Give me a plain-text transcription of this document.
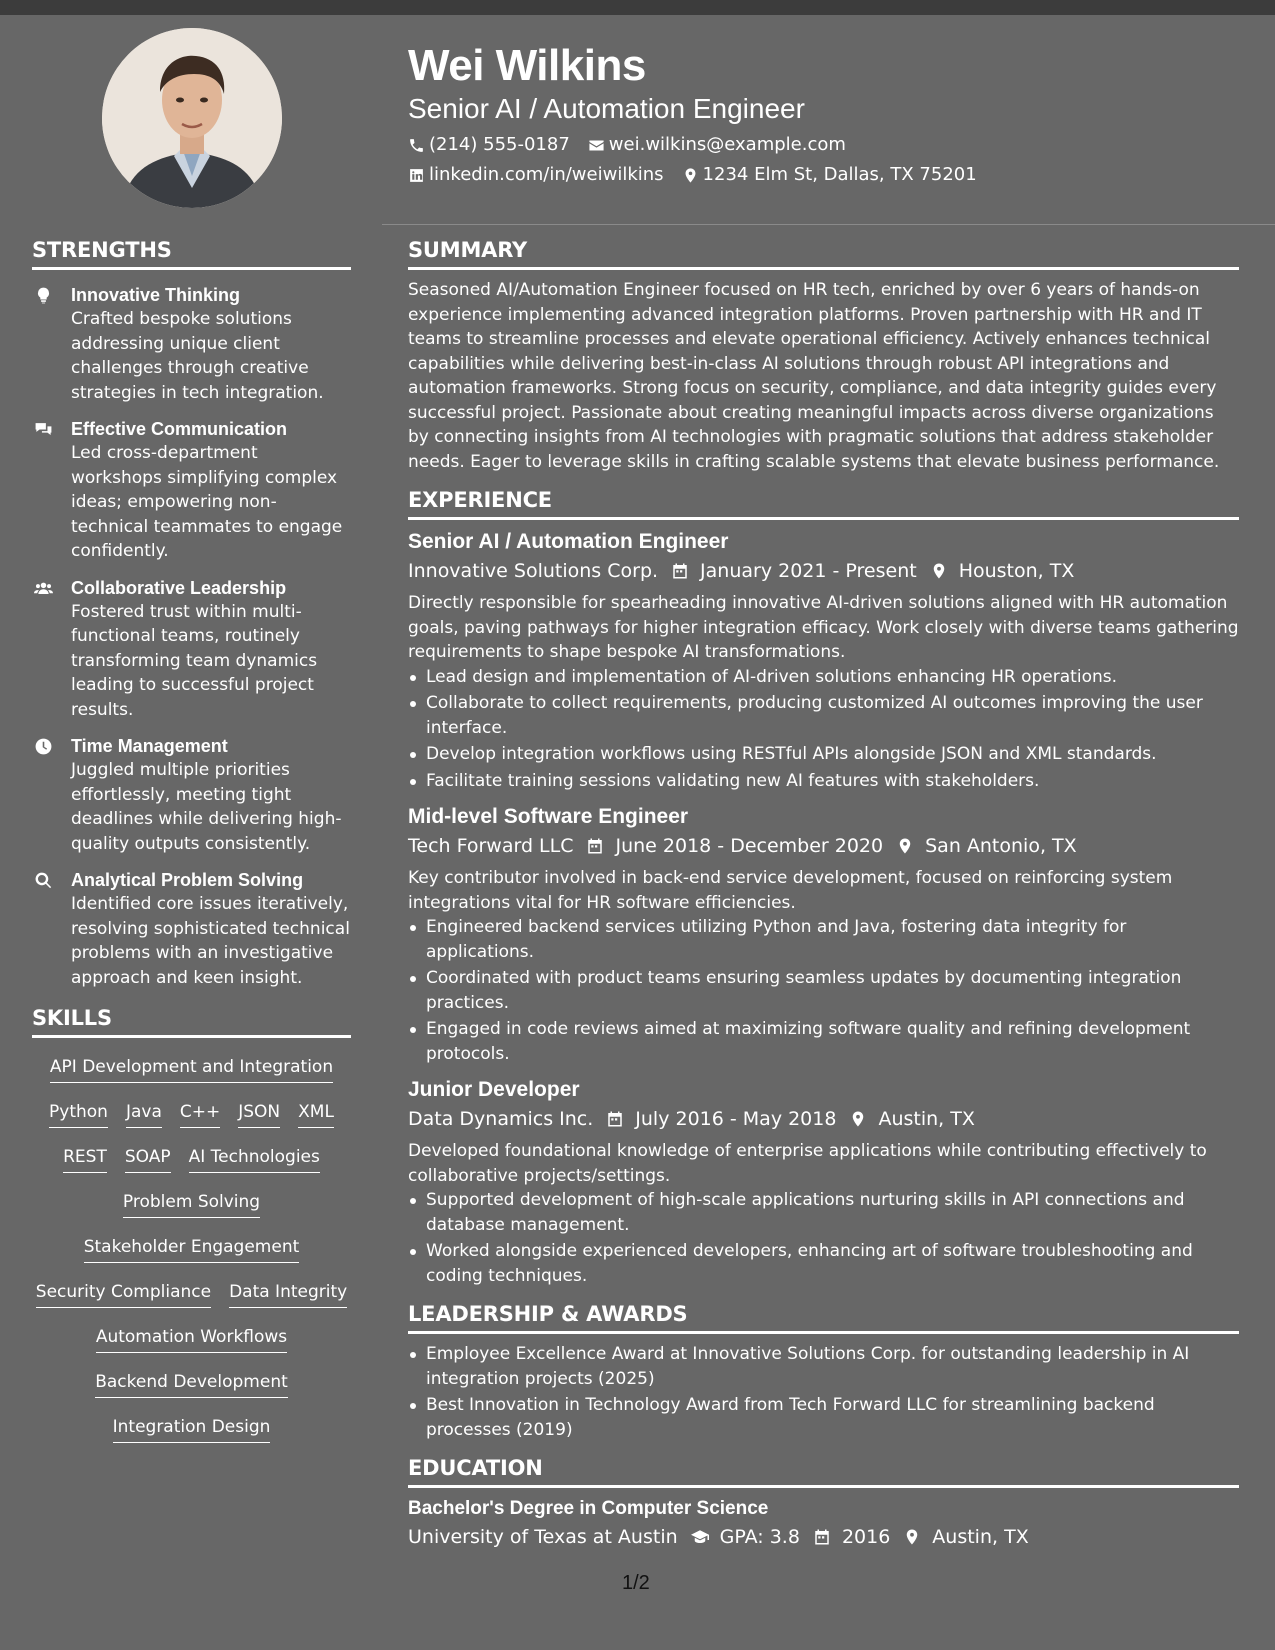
Wei Wilkins
Senior AI / Automation Engineer
(214) 555-0187 wei.wilkins@example.com
linkedin.com/in/weiwilkins 1234 Elm St, Dallas, TX 75201
STRENGTHS
Innovative Thinking
Crafted bespoke solutions addressing unique client challenges through creative strategies in tech integration.
Effective Communication
Led cross-department workshops simplifying complex ideas; empowering non-technical teammates to engage confidently.
Collaborative Leadership
Fostered trust within multi-functional teams, routinely transforming team dynamics leading to successful project results.
Time Management
Juggled multiple priorities effortlessly, meeting tight deadlines while delivering high-quality outputs consistently.
Analytical Problem Solving
Identified core issues iteratively, resolving sophisticated technical problems with an investigative approach and keen insight.
SKILLS
API Development and Integration
Python Java C++ JSON XML
REST SOAP AI Technologies
Problem Solving
Stakeholder Engagement
Security Compliance Data Integrity
Automation Workflows
Backend Development
Integration Design
SUMMARY
Seasoned AI/Automation Engineer focused on HR tech, enriched by over 6 years of hands-on experience implementing advanced integration platforms. Proven partnership with HR and IT teams to streamline processes and elevate operational efficiency. Actively enhances technical capabilities while delivering best-in-class AI solutions through robust API integrations and automation frameworks. Strong focus on security, compliance, and data integrity guides every successful project. Passionate about creating meaningful impacts across diverse organizations by connecting insights from AI technologies with pragmatic solutions that address stakeholder needs. Eager to leverage skills in crafting scalable systems that elevate business performance.
EXPERIENCE
Senior AI / Automation Engineer
Innovative Solutions Corp. January 2021 - Present Houston, TX
Directly responsible for spearheading innovative AI-driven solutions aligned with HR automation goals, paving pathways for higher integration efficacy. Work closely with diverse teams gathering requirements to shape bespoke AI transformations.
Lead design and implementation of AI-driven solutions enhancing HR operations.
Collaborate to collect requirements, producing customized AI outcomes improving the user interface.
Develop integration workflows using RESTful APIs alongside JSON and XML standards.
Facilitate training sessions validating new AI features with stakeholders.
Mid-level Software Engineer
Tech Forward LLC June 2018 - December 2020 San Antonio, TX
Key contributor involved in back-end service development, focused on reinforcing system integrations vital for HR software efficiencies.
Engineered backend services utilizing Python and Java, fostering data integrity for applications.
Coordinated with product teams ensuring seamless updates by documenting integration practices.
Engaged in code reviews aimed at maximizing software quality and refining development protocols.
Junior Developer
Data Dynamics Inc. July 2016 - May 2018 Austin, TX
Developed foundational knowledge of enterprise applications while contributing effectively to collaborative projects/settings.
Supported development of high-scale applications nurturing skills in API connections and database management.
Worked alongside experienced developers, enhancing art of software troubleshooting and coding techniques.
LEADERSHIP & AWARDS
Employee Excellence Award at Innovative Solutions Corp. for outstanding leadership in AI integration projects (2025)
Best Innovation in Technology Award from Tech Forward LLC for streamlining backend processes (2019)
EDUCATION
Bachelor's Degree in Computer Science
University of Texas at Austin GPA: 3.8 2016 Austin, TX
1/2
